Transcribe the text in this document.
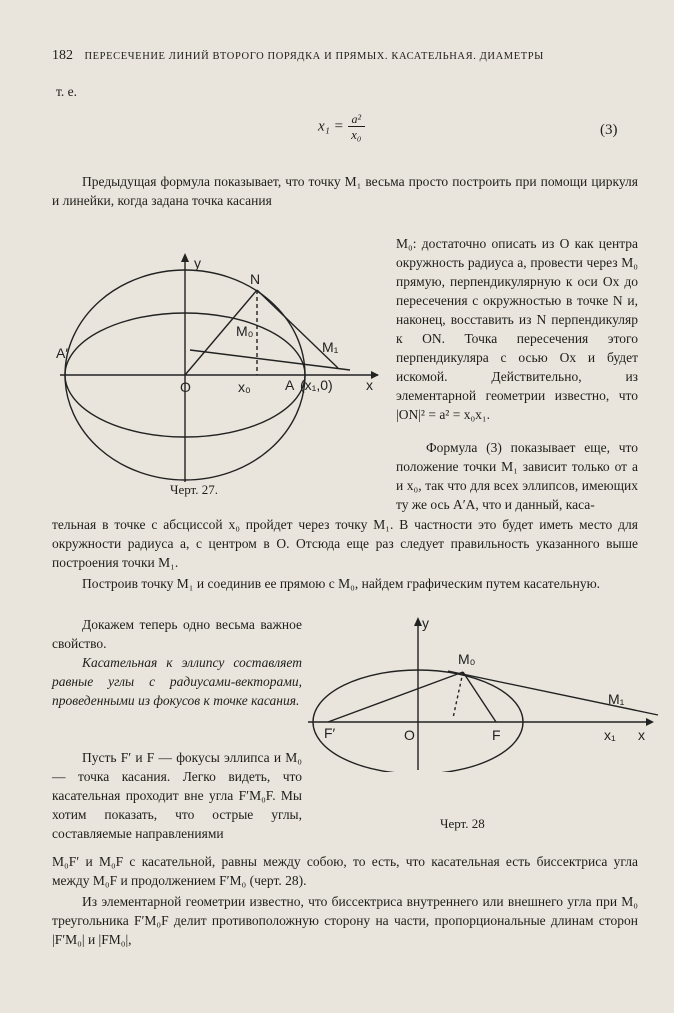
182 ПЕРЕСЕЧЕНИЕ ЛИНИЙ ВТОРОГО ПОРЯДКА И ПРЯМЫХ. КАСАТЕЛЬНАЯ. ДИАМЕТРЫ
т. е.
$x_1 = \frac{\text{a²}}{\text{x₀}}$	(3)
Предыдущая формула показывает, что точку M₁ весьма просто построить при помощи циркуля и линейки, когда задана точка касания
y
N
M₀
M₁
A′
O	x₀ A (x₁,0) x
Черт. 27.
M₀: достаточно описать из O как центра окружность радиуса a, провести через M₀ прямую, перпендикулярную к оси Ox до пересечения с окружностью в точке N и, наконец, восставить из N перпендикуляр к ON. Точка пересечения этого перпендикуляра с осью Ox и будет искомой. Действительно, из элементарной геометрии известно, что |ON|² = a² = x₀x₁.
Формула (3) показывает еще, что положение точки M₁ зависит только от a и x₀, так что для всех эллипсов, имеющих ту же ось A′A, что и данный, каса-
тельная в точке с абсциссой x₀ пройдет через точку M₁. В частности это будет иметь место для окружности радиуса a, с центром в O. Отсюда еще раз следует правильность указанного выше построения точки M₁.
Построив точку M₁ и соединив ее прямою с M₀, найдем графическим путем касательную.
Докажем теперь одно весьма важное свойство.
Касательная к эллипсу составляет равные углы с радиусами-векторами, проведенными из фокусов к точке касания.
Пусть F′ и F — фокусы эллипса и M₀ — точка касания. Легко видеть, что касательная проходит вне угла F′M₀F. Мы хотим показать, что острые углы, составляемые направлениями
y
M₀
M₁
F′	O	F	x₁ x
Черт. 28
M₀F′ и M₀F с касательной, равны между собою, то есть, что касательная есть биссектриса угла между M₀F и продолжением F′M₀ (черт. 28).
Из элементарной геометрии известно, что биссектриса внутреннего или внешнего угла при M₀ треугольника F′M₀F делит противоположную сторону на части, пропорциональные длинам сторон |F′M₀| и |FM₀|,
